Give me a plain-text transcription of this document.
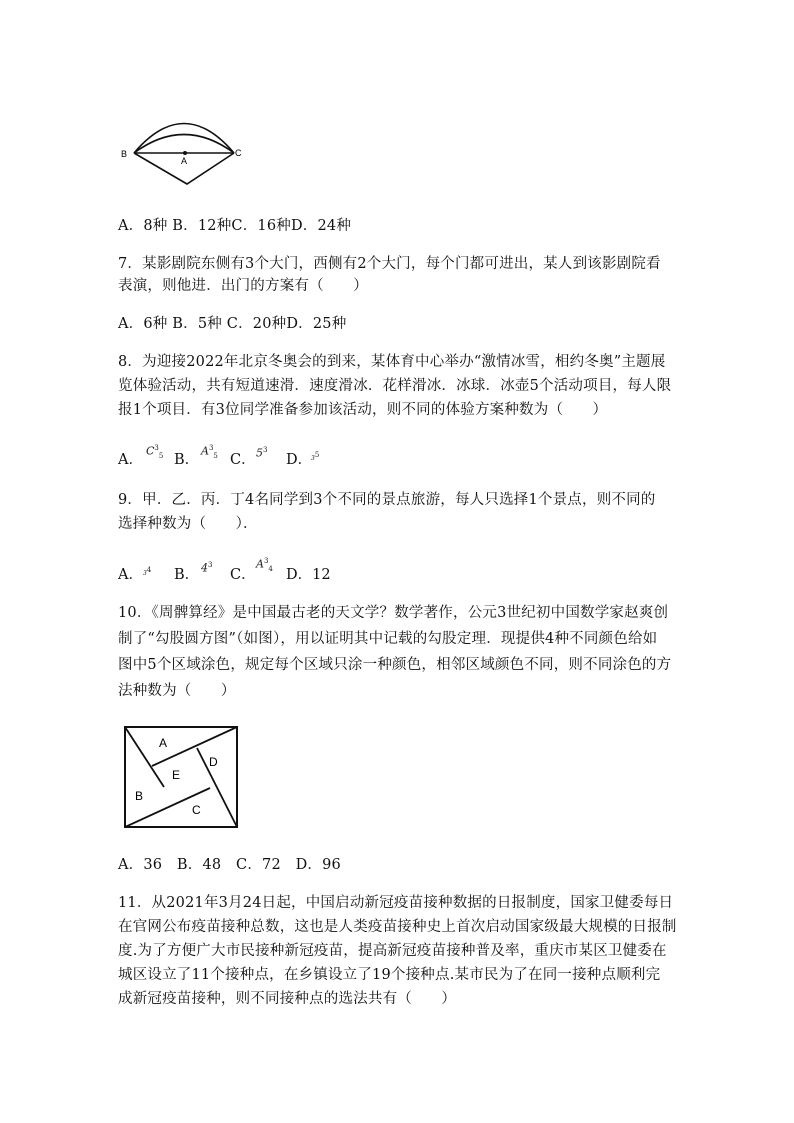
B
A
C
A．8种 B．12种C．16种D．24种
7．某影剧院东侧有3个大门，西侧有2个大门，每个门都可进出，某人到该影剧院看
表演，则他进．出门的方案有（　　）
A．6种 B．5种 C．20种D．25种
8．为迎接2022年北京冬奥会的到来，某体育中心举办“激情冰雪，相约冬奥”主题展
览体验活动，共有短道速滑．速度滑冰．花样滑冰．冰球．冰壶5个活动项目，每人限
报1个项目．有3位同学准备参加该活动，则不同的体验方案种数为（　　）
A．
$C^3_5$ B．
$A^3_5$ C． $5^3$
D．
$3^5$
9．甲．乙．丙．丁4名同学到3个不同的景点旅游，每人只选择1个景点，则不同的
选择种数为（　　）．
A． $3^4$ B． $4^3$
C．
$A^3_4$ D．12
10．《周髀算经》是中国最古老的天文学？数学著作，公元3世纪初中国数学家赵爽创
制了“勾股圆方图”（如图），用以证明其中记载的勾股定理．现提供4种不同颜色给如
图中5个区域涂色，规定每个区域只涂一种颜色，相邻区域颜色不同，则不同涂色的方
法种数为（　　）
A
B
C
D
E
A．36　B．48　C．72　D．96
11．从2021年3月24日起，中国启动新冠疫苗接种数据的日报制度，国家卫健委每日
在官网公布疫苗接种总数，这也是人类疫苗接种史上首次启动国家级最大规模的日报制
度.为了方便广大市民接种新冠疫苗，提高新冠疫苗接种普及率，重庆市某区卫健委在
城区设立了11个接种点，在乡镇设立了19个接种点.某市民为了在同一接种点顺利完
成新冠疫苗接种，则不同接种点的选法共有（　　）
